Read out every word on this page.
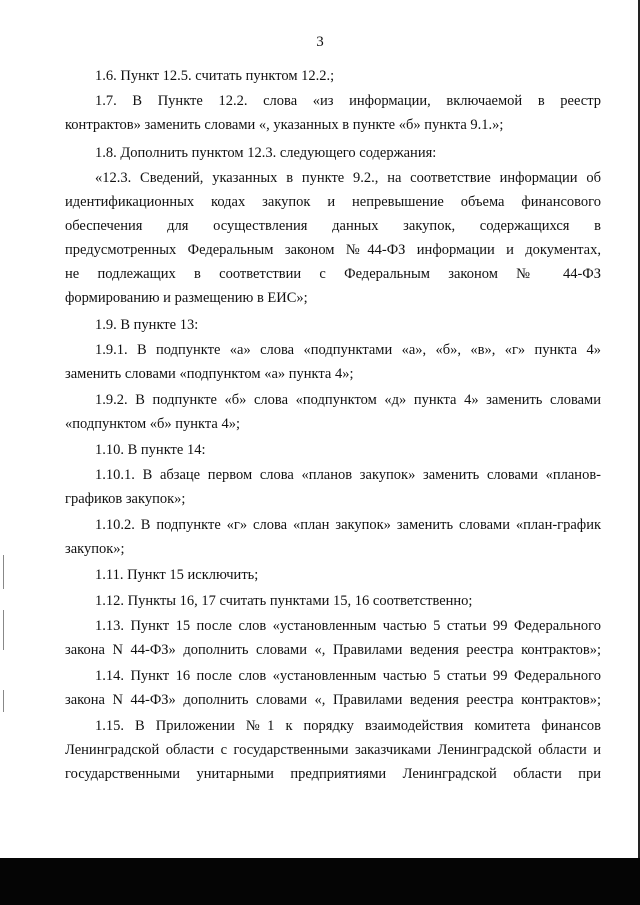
3

1.6. Пункт 12.5. считать пунктом 12.2.;

1.7. В Пункте 12.2. слова «из информации, включаемой в реестр

контрактов» заменить словами «, указанных в пункте «б» пункта 9.1.»;

1.8. Дополнить пунктом 12.3. следующего содержания:

«12.3. Сведений, указанных в пункте 9.2., на соответствие информации об

идентификационных кодах закупок и непревышение объема финансового

обеспечения для осуществления данных закупок, содержащихся в

предусмотренных Федеральным законом №44-ФЗ информации и документах,

не подлежащих в соответствии с Федеральным законом № 44-ФЗ

формированию и размещению в ЕИС»;

1.9. В пункте 13:

1.9.1. В подпункте «а» слова «подпунктами «а», «б», «в», «г» пункта 4»

заменить словами «подпунктом «а» пункта 4»;

1.9.2. В подпункте «б» слова «подпунктом «д» пункта 4» заменить словами

«подпунктом «б» пункта 4»;

1.10. В пункте 14:

1.10.1. В абзаце первом слова «планов закупок» заменить словами «планов-

графиков закупок»;

1.10.2. В подпункте «г» слова «план закупок» заменить словами «план-график

закупок»;

1.11. Пункт 15 исключить;

1.12. Пункты 16, 17 считать пунктами 15, 16 соответственно;

1.13. Пункт 15 после слов «установленным частью 5 статьи 99 Федерального

закона N 44-ФЗ» дополнить словами «, Правилами ведения реестра контрактов»;

1.14. Пункт 16 после слов «установленным частью 5 статьи 99 Федерального

закона N 44-ФЗ» дополнить словами «, Правилами ведения реестра контрактов»;

1.15. В Приложении №1 к порядку взаимодействия комитета финансов

Ленинградской области с государственными заказчиками Ленинградской области и

государственными унитарными предприятиями Ленинградской области при
